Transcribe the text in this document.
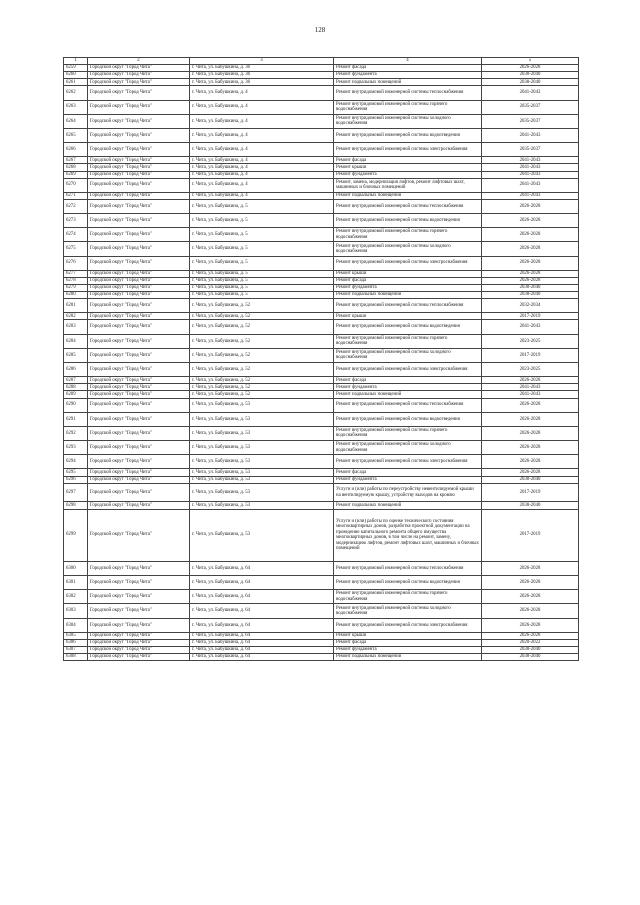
128
1	2	3	4	5
6259	Городской округ "Город Чита"	г. Чита, ул. Бабушкина, д. 36	Ремонт фасада	2026-2028
6260	Городской округ "Город Чита"	г. Чита, ул. Бабушкина, д. 36	Ремонт фундамента	2038-2040
6261	Городской округ "Город Чита"	г. Чита, ул. Бабушкина, д. 36	Ремонт подвальных помещений	2038-2040
6262	Городской округ "Город Чита"	г. Чита, ул. Бабушкина, д. 4	Ремонт внутридомовой инженерной системы теплоснабжения	2041-2043
6263	Городской округ "Город Чита"	г. Чита, ул. Бабушкина, д. 4	Ремонт внутридомовой инженерной системы горячего водоснабжения	2035-2037
6264	Городской округ "Город Чита"	г. Чита, ул. Бабушкина, д. 4	Ремонт внутридомовой инженерной системы холодного водоснабжения	2035-2037
6265	Городской округ "Город Чита"	г. Чита, ул. Бабушкина, д. 4	Ремонт внутридомовой инженерной системы водоотведения	2041-2043
6266	Городской округ "Город Чита"	г. Чита, ул. Бабушкина, д. 4	Ремонт внутридомовой инженерной системы электроснабжения	2035-2037
6267	Городской округ "Город Чита"	г. Чита, ул. Бабушкина, д. 4	Ремонт фасада	2041-2043
6268	Городской округ "Город Чита"	г. Чита, ул. Бабушкина, д. 4	Ремонт крыши	2041-2043
6269	Городской округ "Город Чита"	г. Чита, ул. Бабушкина, д. 4	Ремонт фундамента	2041-2043
6270	Городской округ "Город Чита"	г. Чита, ул. Бабушкина, д. 4	Ремонт, замена, модернизация лифтов, ремонт лифтовых шахт, машинных и блочных помещений	2041-2043
6271	Городской округ "Город Чита"	г. Чита, ул. Бабушкина, д. 4	Ремонт подвальных помещений	2041-2043
6272	Городской округ "Город Чита"	г. Чита, ул. Бабушкина, д. 5	Ремонт внутридомовой инженерной системы теплоснабжения	2026-2028
6273	Городской округ "Город Чита"	г. Чита, ул. Бабушкина, д. 5	Ремонт внутридомовой инженерной системы водоотведения	2026-2028
6274	Городской округ "Город Чита"	г. Чита, ул. Бабушкина, д. 5	Ремонт внутридомовой инженерной системы горячего водоснабжения	2026-2028
6275	Городской округ "Город Чита"	г. Чита, ул. Бабушкина, д. 5	Ремонт внутридомовой инженерной системы холодного водоснабжения	2026-2028
6276	Городской округ "Город Чита"	г. Чита, ул. Бабушкина, д. 5	Ремонт внутридомовой инженерной системы электроснабжения	2026-2028
6277	Городской округ "Город Чита"	г. Чита, ул. Бабушкина, д. 5	Ремонт крыши	2026-2028
6278	Городской округ "Город Чита"	г. Чита, ул. Бабушкина, д. 5	Ремонт фасада	2026-2028
6279	Городской округ "Город Чита"	г. Чита, ул. Бабушкина, д. 5	Ремонт фундамента	2038-2040
6280	Городской округ "Город Чита"	г. Чита, ул. Бабушкина, д. 5	Ремонт подвальных помещений	2038-2040
6281	Городской округ "Город Чита"	г. Чита, ул. Бабушкина, д. 52	Ремонт внутридомовой инженерной системы теплоснабжения	2032-2034
6282	Городской округ "Город Чита"	г. Чита, ул. Бабушкина, д. 52	Ремонт крыши	2017-2019
6283	Городской округ "Город Чита"	г. Чита, ул. Бабушкина, д. 52	Ремонт внутридомовой инженерной системы водоотведения	2041-2043
6284	Городской округ "Город Чита"	г. Чита, ул. Бабушкина, д. 52	Ремонт внутридомовой инженерной системы горячего водоснабжения	2023-2025
6285	Городской округ "Город Чита"	г. Чита, ул. Бабушкина, д. 52	Ремонт внутридомовой инженерной системы холодного водоснабжения	2017-2019
6286	Городской округ "Город Чита"	г. Чита, ул. Бабушкина, д. 52	Ремонт внутридомовой инженерной системы электроснабжения	2023-2025
6287	Городской округ "Город Чита"	г. Чита, ул. Бабушкина, д. 52	Ремонт фасада	2026-2028
6288	Городской округ "Город Чита"	г. Чита, ул. Бабушкина, д. 52	Ремонт фундамента	2041-2043
6289	Городской округ "Город Чита"	г. Чита, ул. Бабушкина, д. 52	Ремонт подвальных помещений	2041-2043
6290	Городской округ "Город Чита"	г. Чита, ул. Бабушкина, д. 53	Ремонт внутридомовой инженерной системы теплоснабжения	2026-2028
6291	Городской округ "Город Чита"	г. Чита, ул. Бабушкина, д. 53	Ремонт внутридомовой инженерной системы водоотведения	2026-2028
6292	Городской округ "Город Чита"	г. Чита, ул. Бабушкина, д. 53	Ремонт внутридомовой инженерной системы горячего водоснабжения	2026-2028
6293	Городской округ "Город Чита"	г. Чита, ул. Бабушкина, д. 53	Ремонт внутридомовой инженерной системы холодного водоснабжения	2026-2028
6294	Городской округ "Город Чита"	г. Чита, ул. Бабушкина, д. 53	Ремонт внутридомовой инженерной системы электроснабжения	2026-2028
6295	Городской округ "Город Чита"	г. Чита, ул. Бабушкина, д. 53	Ремонт фасада	2026-2028
6296	Городской округ "Город Чита"	г. Чита, ул. Бабушкина, д. 53	Ремонт фундамента	2038-2040
6297	Городской округ "Город Чита"	г. Чита, ул. Бабушкина, д. 53	Услуги и (или) работы по переустройству невентилируемой крыши на вентилируемую крышу, устройству выходов на кровлю	2017-2019
6298	Городской округ "Город Чита"	г. Чита, ул. Бабушкина, д. 53	Ремонт подвальных помещений	2038-2040
6299	Городской округ "Город Чита"	г. Чита, ул. Бабушкина, д. 53	Услуги и (или) работы по оценке технического состояния многоквартирных домов, разработке проектной документации на проведение капитального ремонта общего имущества многоквартирных домов, в том числе на ремонт, замену, модернизацию лифтов, ремонт лифтовых шахт, машинных и блочных помещений	2017-2019
6300	Городской округ "Город Чита"	г. Чита, ул. Бабушкина, д. 64	Ремонт внутридомовой инженерной системы теплоснабжения	2026-2028
6301	Городской округ "Город Чита"	г. Чита, ул. Бабушкина, д. 64	Ремонт внутридомовой инженерной системы водоотведения	2026-2028
6302	Городской округ "Город Чита"	г. Чита, ул. Бабушкина, д. 64	Ремонт внутридомовой инженерной системы горячего водоснабжения	2026-2028
6303	Городской округ "Город Чита"	г. Чита, ул. Бабушкина, д. 64	Ремонт внутридомовой инженерной системы холодного водоснабжения	2026-2028
6304	Городской округ "Город Чита"	г. Чита, ул. Бабушкина, д. 64	Ремонт внутридомовой инженерной системы электроснабжения	2026-2028
6305	Городской округ "Город Чита"	г. Чита, ул. Бабушкина, д. 64	Ремонт крыши	2026-2028
6306	Городской округ "Город Чита"	г. Чита, ул. Бабушкина, д. 64	Ремонт фасада	2020-2022
6307	Городской округ "Город Чита"	г. Чита, ул. Бабушкина, д. 64	Ремонт фундамента	2038-2040
6308	Городской округ "Город Чита"	г. Чита, ул. Бабушкина, д. 64	Ремонт подвальных помещений	2038-2040
